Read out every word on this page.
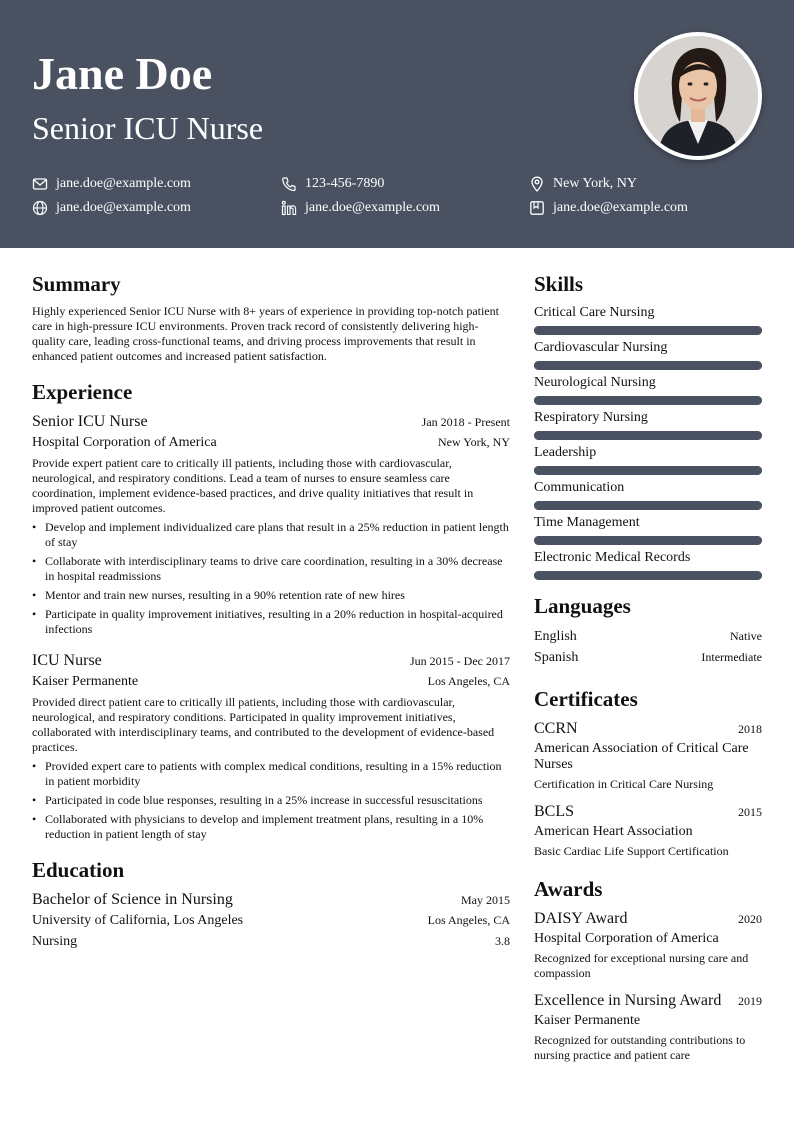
Jane Doe
Senior ICU Nurse
jane.doe@example.com	123-456-7890	New York, NY
jane.doe@example.com	jane.doe@example.com	jane.doe@example.com
Summary

Highly experienced Senior ICU Nurse with 8+ years of experience in providing top-notch patient care in high-pressure ICU environments. Proven track record of consistently delivering high-quality care, leading cross-functional teams, and driving process improvements that result in enhanced patient outcomes and increased patient satisfaction.

Experience
Senior ICU Nurse	Jan 2018 - Present
Hospital Corporation of America	New York, NY

Provide expert patient care to critically ill patients, including those with cardiovascular, neurological, and respiratory conditions. Lead a team of nurses to ensure seamless care coordination, implement evidence-based practices, and drive quality initiatives that result in improved patient outcomes.

• Develop and implement individualized care plans that result in a 25% reduction in patient length of stay
• Collaborate with interdisciplinary teams to drive care coordination, resulting in a 30% decrease in hospital readmissions
• Mentor and train new nurses, resulting in a 90% retention rate of new hires
• Participate in quality improvement initiatives, resulting in a 20% reduction in hospital-acquired infections
ICU Nurse	Jun 2015 - Dec 2017
Kaiser Permanente	Los Angeles, CA

Provided direct patient care to critically ill patients, including those with cardiovascular, neurological, and respiratory conditions. Participated in quality improvement initiatives, collaborated with interdisciplinary teams, and contributed to the development of evidence-based practices.

• Provided expert care to patients with complex medical conditions, resulting in a 15% reduction in patient morbidity
• Participated in code blue responses, resulting in a 25% increase in successful resuscitations
• Collaborated with physicians to develop and implement treatment plans, resulting in a 10% reduction in patient length of stay
Education
Bachelor of Science in Nursing	May 2015
University of California, Los Angeles	Los Angeles, CA
Nursing	3.8
Skills
Critical Care Nursing
Cardiovascular Nursing
Neurological Nursing
Respiratory Nursing
Leadership
Communication
Time Management
Electronic Medical Records
Languages
English	Native
Spanish	Intermediate
Certificates
CCRN	2018
American Association of Critical Care Nurses
Certification in Critical Care Nursing
BCLS	2015
American Heart Association
Basic Cardiac Life Support Certification
Awards
DAISY Award	2020
Hospital Corporation of America
Recognized for exceptional nursing care and compassion
Excellence in Nursing Award 2019
Kaiser Permanente
Recognized for outstanding contributions to nursing practice and patient care
